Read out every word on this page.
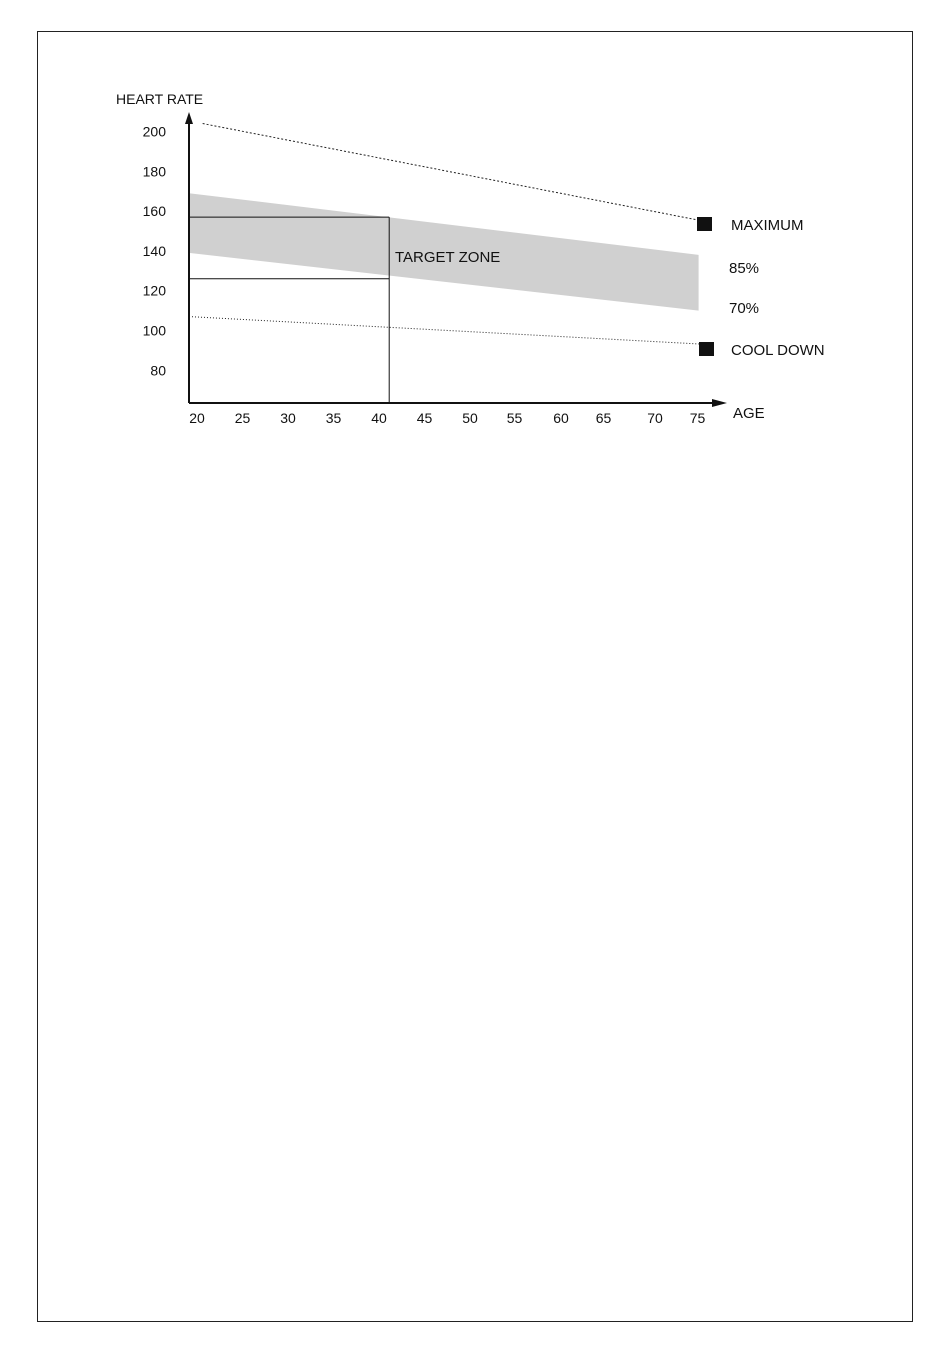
20 25 30 35 40 45 50 55 60 65	70 75
80
100
120
140
160
180
200
HEART RATE
AGE
TARGET ZONE
MAXIMUM
85%
70%
COOL DOWN
